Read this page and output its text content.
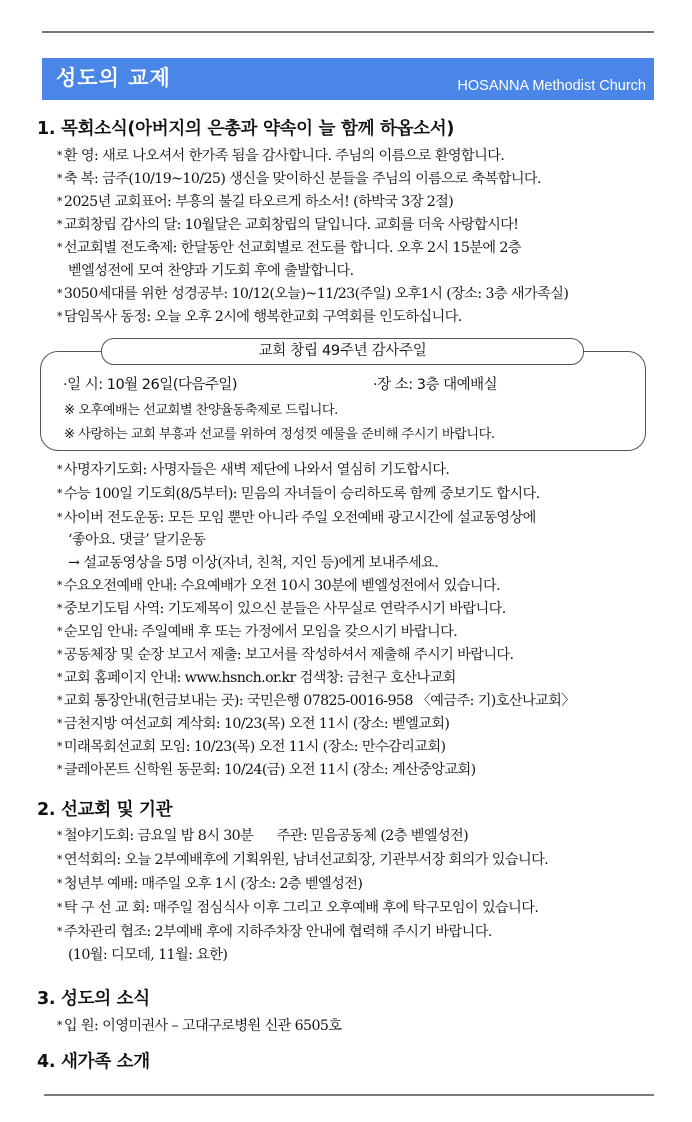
성도의 교제	HOSANNA Methodist Church
1. 목회소식(아버지의 은총과 약속이 늘 함께 하옵소서)
* 환 영: 새로 나오셔서 한가족 됨을 감사합니다. 주님의 이름으로 환영합니다.
* 축 복: 금주(10/19~10/25) 생신을 맞이하신 분들을 주님의 이름으로 축복합니다.
* 2025년 교회표어: 부흥의 불길 타오르게 하소서! (하박국 3장 2절)
* 교회창립 감사의 달: 10월달은 교회창립의 달입니다. 교회를 더욱 사랑합시다!
* 선교회별 전도축제: 한달동안 선교회별로 전도를 합니다. 오후 2시 15분에 2층
벧엘성전에 모여 찬양과 기도회 후에 출발합니다.
* 3050세대를 위한 성경공부: 10/12(오늘)~11/23(주일) 오후1시 (장소: 3층 새가족실)
* 담임목사 동정: 오늘 오후 2시에 행복한교회 구역회를 인도하십니다.
교회 창립 49주년 감사주일
·일 시: 10월 26일(다음주일)	·장 소: 3층 대예배실
※ 오후예배는 선교회별 찬양율동축제로 드립니다.
※ 사랑하는 교회 부흥과 선교를 위하여 정성껏 예물을 준비해 주시기 바랍니다.
* 사명자기도회: 사명자들은 새벽 제단에 나와서 열심히 기도합시다.
* 수능 100일 기도회(8/5부터): 믿음의 자녀들이 승리하도록 함께 중보기도 합시다.
* 사이버 전도운동: 모든 모임 뿐만 아니라 주일 오전예배 광고시간에 설교동영상에
‘좋아요. 댓글’ 달기운동
→ 설교동영상을 5명 이상(자녀, 친척, 지인 등)에게 보내주세요.
* 수요오전예배 안내: 수요예배가 오전 10시 30분에 벧엘성전에서 있습니다.
* 중보기도팀 사역: 기도제목이 있으신 분들은 사무실로 연락주시기 바랍니다.
* 순모임 안내: 주일예배 후 또는 가정에서 모임을 갖으시기 바랍니다.
* 공동체장 및 순장 보고서 제출: 보고서를 작성하셔서 제출해 주시기 바랍니다.
* 교회 홈페이지 안내: www.hsnch.or.kr 검색창: 금천구 호산나교회
* 교회 통장안내(헌금보내는 곳): 국민은행 07825-0016-958 〈예금주: 기)호산나교회〉
* 금천지방 여선교회 계삭회: 10/23(목) 오전 11시 (장소: 벧엘교회)
* 미래목회선교회 모임: 10/23(목) 오전 11시 (장소: 만수감리교회)
* 클레아몬트 신학원 동문회: 10/24(금) 오전 11시 (장소: 계산중앙교회)
2. 선교회 및 기관
* 철야기도회: 금요일 밤 8시 30분      주관: 믿음공동체 (2층 벧엘성전)
* 연석회의: 오늘 2부예배후에 기획위원, 남녀선교회장, 기관부서장 회의가 있습니다.
* 청년부 예배: 매주일 오후 1시 (장소: 2층 벧엘성전)
* 탁 구 선 교 회: 매주일 점심식사 이후 그리고 오후예배 후에 탁구모임이 있습니다.
* 주차관리 협조: 2부예배 후에 지하주차장 안내에 협력해 주시기 바랍니다.
(10월: 디모데, 11월: 요한)
3. 성도의 소식
* 입 원: 이영미권사 – 고대구로병원 신관 6505호
4. 새가족 소개
